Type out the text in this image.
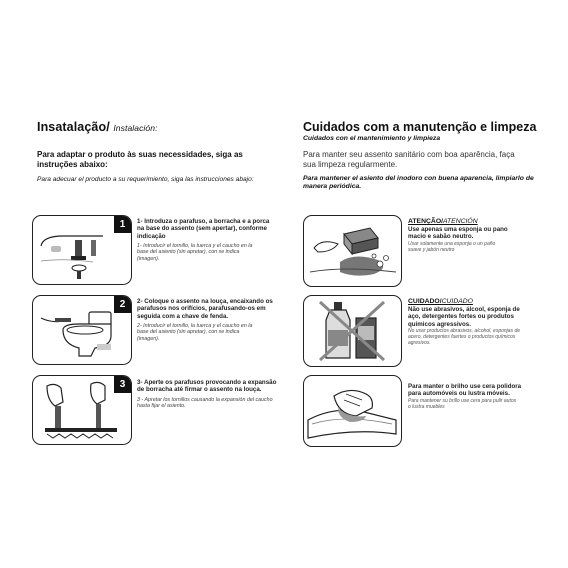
Insatalação/ Instalación:
Para adaptar o produto às suas necessidades, siga as
instruções abaixo:
Para adecuar el producto a su requerimiento, siga las instrucciones abajo:
1	1- Introduza o parafuso, a borracha e a porca
na base do assento (sem apertar), conforme
indicação
1- Introducir el tornillo, la tuerca y el caucho en la
base del asiento (sin apretar), con se indica
(imagen).
2	2- Coloque o assento na louça, encaixando os
parafusos nos orifícios, parafusando-os em
seguida com a chave de fenda.
2- Introducir el tornillo, la tuerca y el caucho en la
base del asiento (sin apretar), con se indica
(imagen).
3	3- Aperte os parafusos provocando a expansão
de borracha até firmar o assento na louça.
3 - Apretar los tornillos causando la expansión del caucho
hasta fijar el asiento.
Cuidados com a manutenção e limpeza
Cuidados con el mantenimiento y limpieza
Para manter seu assento sanitário com boa aparência, faça
sua limpeza regularmente.
Para mantener el asiento del inodoro con buena aparencia, limpiarlo de
manera periódica.
ATENÇÃO/ATENCIÓN
Use apenas uma esponja ou pano
macio e sabão neutro.
Usar solamente una esponja o un paño
suave y jabón neutro
CUIDADO/CUIDADO
Não use abrasivos, álcool, esponja de
aço, detergentes fortes ou produtos
químicos agressivos.
No usar productos abrasivos, alcohol, esponjas de
acero, detergentes fuertes o productos químicos
agresivos.
Para manter o brilho use cera polidora
para automóveis ou lustra móveis.
Para mantener su brillo use cera para pulir autos
o lustra muebles
